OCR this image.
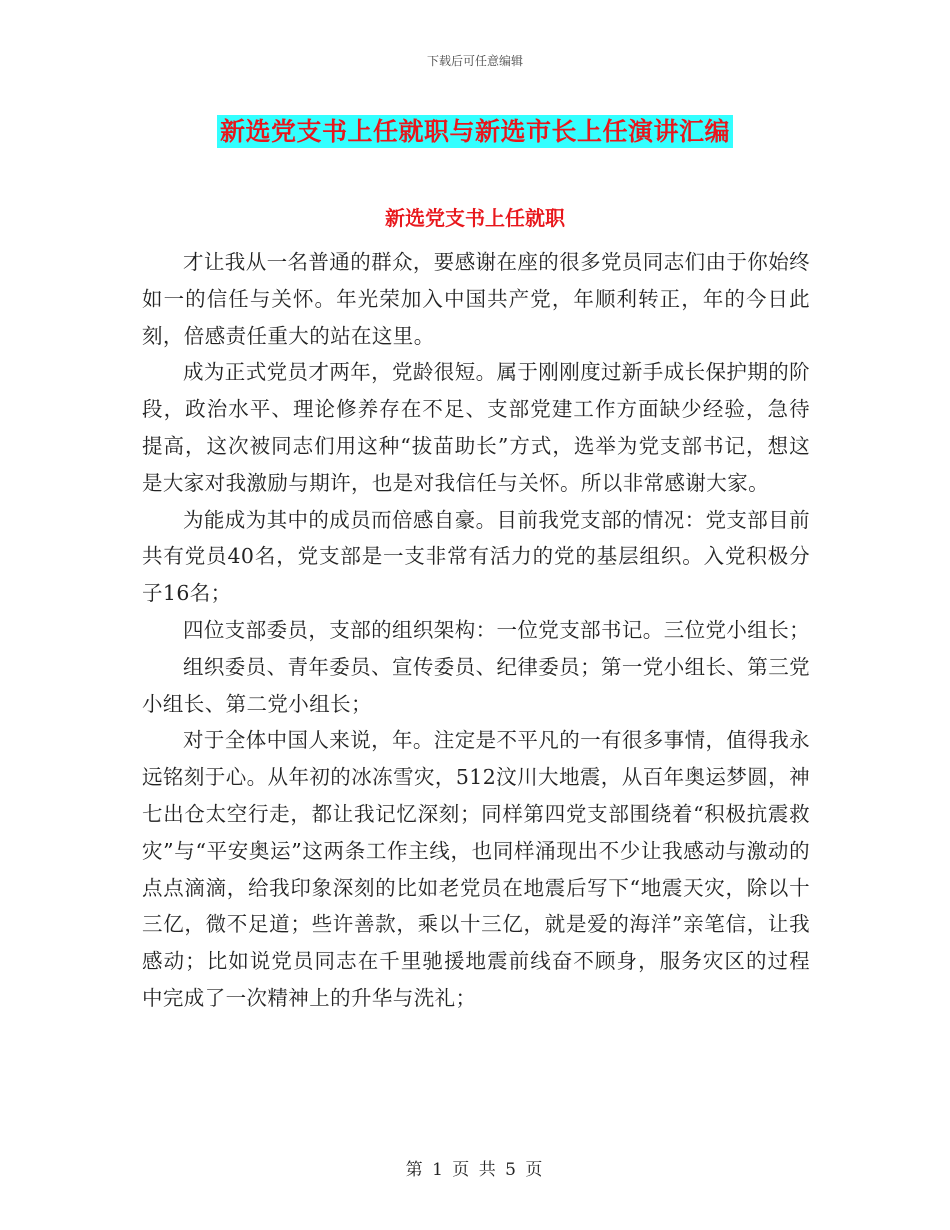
下载后可任意编辑
新选党支书上任就职与新选市长上任演讲汇编
新选党支书上任就职

才让我从一名普通的群众，要感谢在座的很多党员同志们由于你始终如一的信任与关怀。年光荣加入中国共产党，年顺利转正，年的今日此刻，倍感责任重大的站在这里。

成为正式党员才两年，党龄很短。属于刚刚度过新手成长保护期的阶段，政治水平、理论修养存在不足、支部党建工作方面缺少经验，急待提高，这次被同志们用这种“拔苗助长”方式，选举为党支部书记，想这是大家对我激励与期许，也是对我信任与关怀。所以非常感谢大家。

为能成为其中的成员而倍感自豪。目前我党支部的情况：党支部目前共有党员40名，党支部是一支非常有活力的党的基层组织。入党积极分子16名；

四位支部委员，支部的组织架构：一位党支部书记。三位党小组长；

组织委员、青年委员、宣传委员、纪律委员；第一党小组长、第三党小组长、第二党小组长；

对于全体中国人来说，年。注定是不平凡的一有很多事情，值得我永远铭刻于心。从年初的冰冻雪灾，512汶川大地震，从百年奥运梦圆，神七出仓太空行走，都让我记忆深刻；同样第四党支部围绕着“积极抗震救灾”与“平安奥运”这两条工作主线，也同样涌现出不少让我感动与激动的点点滴滴，给我印象深刻的比如老党员在地震后写下“地震天灾，除以十三亿，微不足道；些许善款，乘以十三亿，就是爱的海洋”亲笔信，让我感动；比如说党员同志在千里驰援地震前线奋不顾身，服务灾区的过程中完成了一次精神上的升华与洗礼；

第 1 页 共 5 页
